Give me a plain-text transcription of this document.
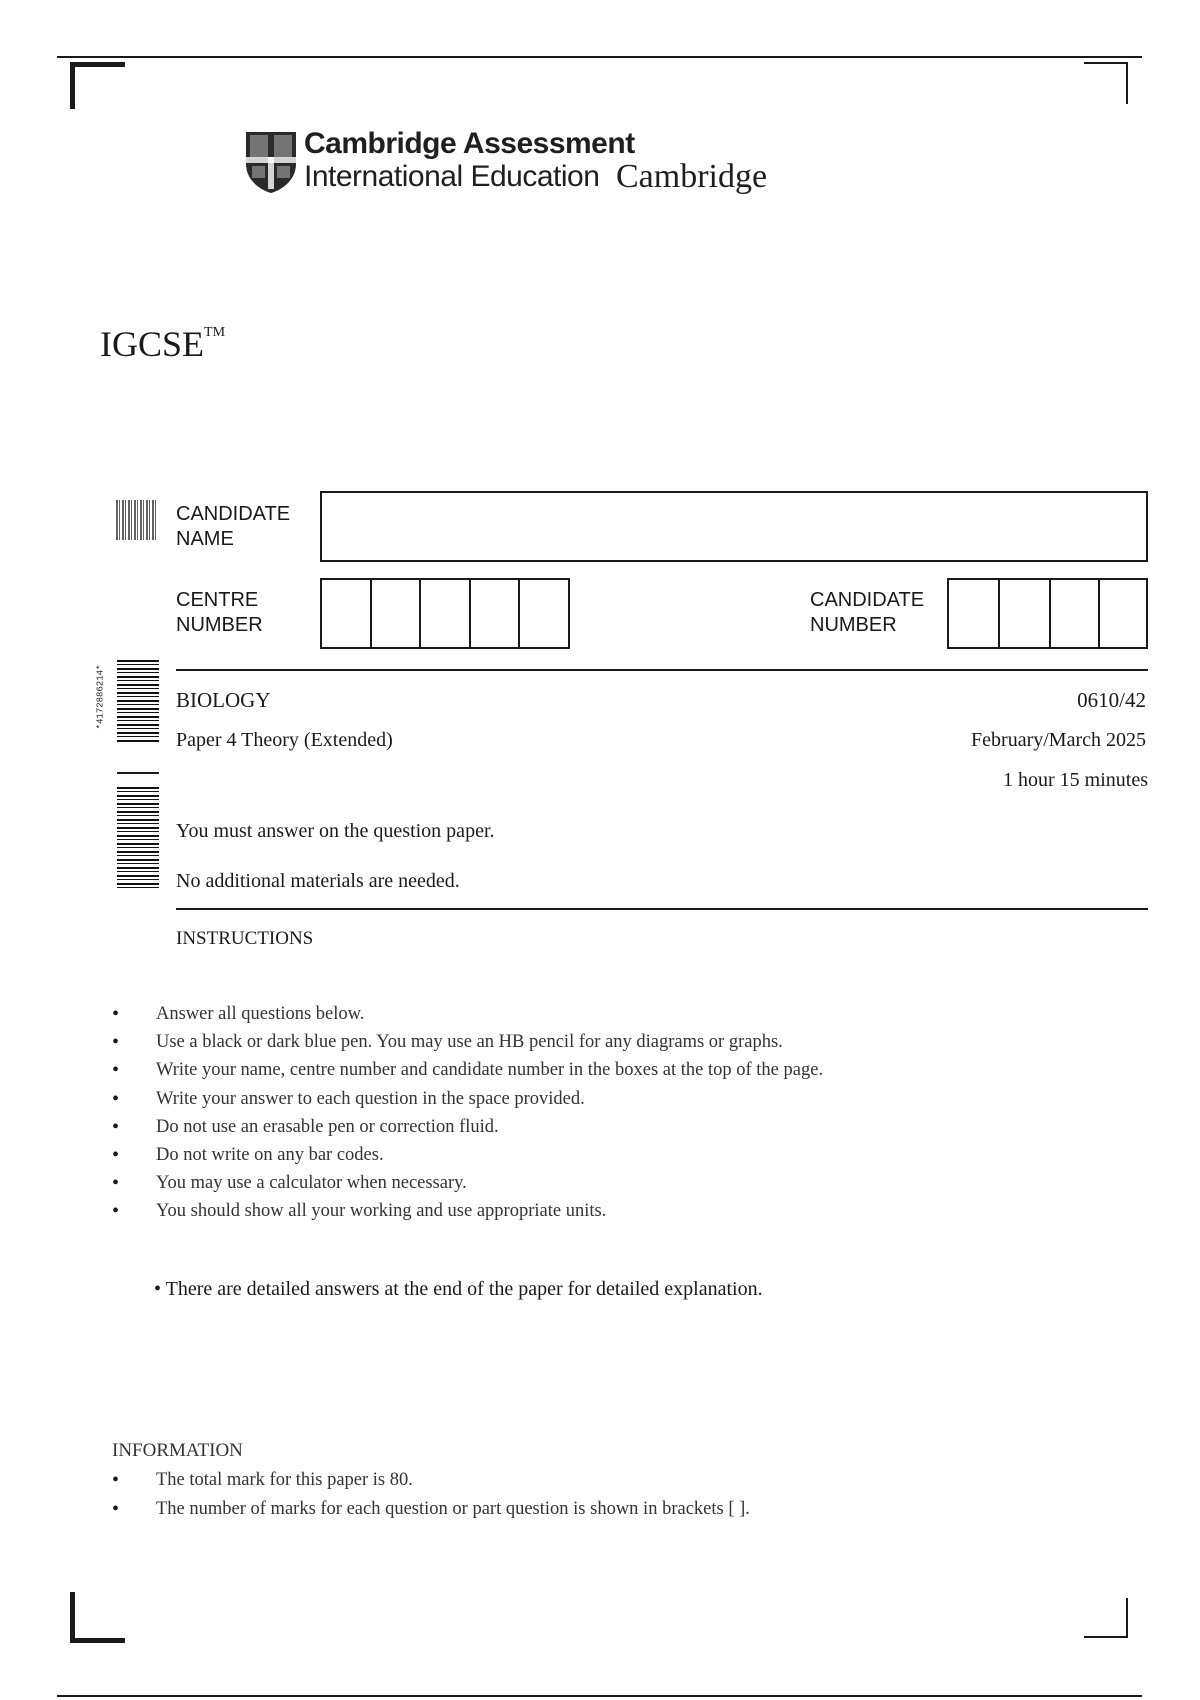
Cambridge Assessment
International Education Cambridge
IGCSE™
CANDIDATE
NAME
CENTRE
NUMBER
CANDIDATE
NUMBER
*4172886214*	BIOLOGY	0610/42
Paper 4 Theory (Extended)	February/March 2025
1 hour 15 minutes
You must answer on the question paper.
No additional materials are needed.
INSTRUCTIONS
• Answer all questions below.
• Use a black or dark blue pen. You may use an HB pencil for any diagrams or graphs.
• Write your name, centre number and candidate number in the boxes at the top of the page.
• Write your answer to each question in the space provided.
• Do not use an erasable pen or correction fluid.
• Do not write on any bar codes.
• You may use a calculator when necessary.
• You should show all your working and use appropriate units.
• There are detailed answers at the end of the paper for detailed explanation.
INFORMATION
• The total mark for this paper is 80.
• The number of marks for each question or part question is shown in brackets [ ].
